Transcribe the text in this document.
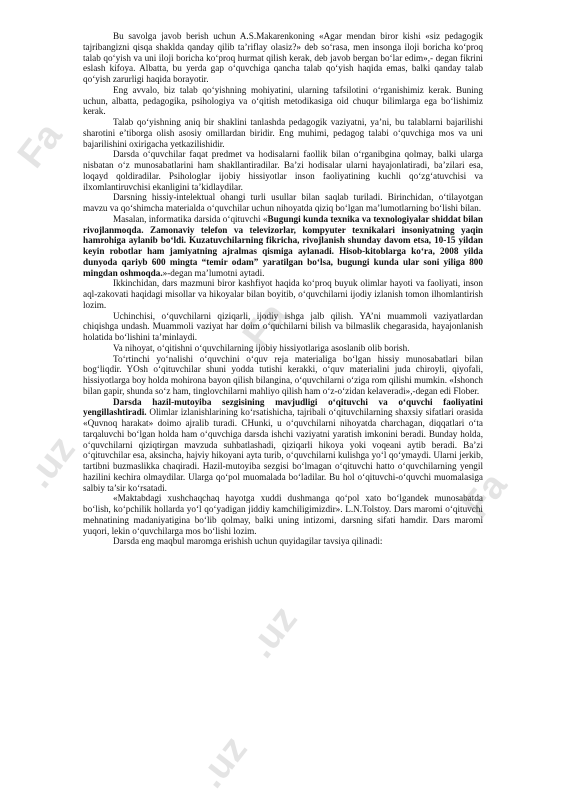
Fa
.uz
Fa
.uz
Fa
.uz

Bu savolga javob berish uchun A.S.Makarenkoning «Agar mendan biror kishi «siz pedagogik tajribangizni qisqa shaklda qanday qilib ta’riflay olasiz?» deb so‘rasa, men insonga iloji boricha ko‘proq talab qo‘yish va uni iloji boricha ko‘proq hurmat qilish kerak, deb javob bergan bo‘lar edim»,- degan fikrini eslash kifoya. Albatta, bu yerda gap o‘quvchiga qancha talab qo‘yish haqida emas, balki qanday talab qo‘yish zarurligi haqida borayotir.

Eng avvalo, biz talab qo‘yishning mohiyatini, ularning tafsilotini o‘rganishimiz kerak. Buning uchun, albatta, pedagogika, psihologiya va o‘qitish metodikasiga oid chuqur bilimlarga ega bo‘lishimiz kerak.

Talab qo‘yishning aniq bir shaklini tanlashda pedagogik vaziyatni, ya’ni, bu talablarni bajarilishi sharotini e’tiborga olish asosiy omillardan biridir. Eng muhimi, pedagog talabi o‘quvchiga mos va uni bajarilishini oxirigacha yetkazilishidir.

Darsda o‘quvchilar faqat predmet va hodisalarni faollik bilan o‘rganibgina qolmay, balki ularga nisbatan o‘z munosabatlarini ham shakllantiradilar. Ba’zi hodisalar ularni hayajonlatiradi, ba’zilari esa, loqayd qoldiradilar. Psihologlar ijobiy hissiyotlar inson faoliyatining kuchli qo‘zg‘atuvchisi va ilxomlantiruvchisi ekanligini ta’kidlaydilar.

Darsning hissiy-intelektual ohangi turli usullar bilan saqlab turiladi. Birinchidan, o‘tilayotgan mavzu va qo‘shimcha materialda o‘quvchilar uchun nihoyatda qiziq bo‘lgan ma’lumotlarning bo‘lishi bilan.

Masalan, informatika darsida o‘qituvchi «Bugungi kunda texnika va texnologiyalar shiddat bilan rivojlanmoqda. Zamonaviy telefon va televizorlar, kompyuter texnikalari insoniyatning yaqin hamrohiga aylanib bo‘ldi. Kuzatuvchilarning fikricha, rivojlanish shunday davom etsa, 10-15 yildan keyin robotlar ham jamiyatning ajralmas qismiga aylanadi. Hisob-kitoblarga ko‘ra, 2008 yilda dunyoda qariyb 600 mingta “temir odam” yaratilgan bo‘lsa, bugungi kunda ular soni yiliga 800 mingdan oshmoqda.»-degan ma’lumotni aytadi.

Ikkinchidan, dars mazmuni biror kashfiyot haqida ko‘proq buyuk olimlar hayoti va faoliyati, inson aql-zakovati haqidagi misollar va hikoyalar bilan boyitib, o‘quvchilarni ijodiy izlanish tomon ilhomlantirish lozim.

Uchinchisi, o‘quvchilarni qiziqarli, ijodiy ishga jalb qilish. YA’ni muammoli vaziyatlardan chiqishga undash. Muammoli vaziyat har doim o‘quchilarni bilish va bilmaslik chegarasida, hayajonlanish holatida bo‘lishini ta’minlaydi.

Va nihoyat, o‘qitishni o‘quvchilarning ijobiy hissiyotlariga asoslanib olib borish.

To‘rtinchi yo‘nalishi o‘quvchini o‘quv reja materialiga bo‘lgan hissiy munosabatlari bilan bog‘liqdir. YOsh o‘qituvchilar shuni yodda tutishi kerakki, o‘quv materialini juda chiroyli, qiyofali, hissiyotlarga boy holda mohirona bayon qilish bilangina, o‘quvchilarni o‘ziga rom qilishi mumkin. «Ishonch bilan gapir, shunda so‘z ham, tinglovchilarni mahliyo qilish ham o‘z-o‘zidan kelaveradi»,-degan edi Flober.

Darsda hazil-mutoyiba sezgisining mavjudligi o‘qituvchi va o‘quvchi faoliyatini yengillashtiradi. Olimlar izlanishlarining ko‘rsatishicha, tajribali o‘qituvchilarning shaxsiy sifatlari orasida «Quvnoq harakat» doimo ajralib turadi. CHunki, u o‘quvchilarni nihoyatda charchagan, diqqatlari o‘ta tarqaluvchi bo‘lgan holda ham o‘quvchiga darsda ishchi vaziyatni yaratish imkonini beradi. Bunday holda, o‘quvchilarni qiziqtirgan mavzuda suhbatlashadi, qiziqarli hikoya yoki voqeani aytib beradi. Ba’zi o‘qituvchilar esa, aksincha, hajviy hikoyani ayta turib, o‘quvchilarni kulishga yo‘l qo‘ymaydi. Ularni jerkib, tartibni buzmaslikka chaqiradi. Hazil-mutoyiba sezgisi bo‘lmagan o‘qituvchi hatto o‘quvchilarning yengil hazilini kechira olmaydilar. Ularga qo‘pol muomalada bo‘ladilar. Bu hol o‘qituvchi-o‘quvchi muomalasiga salbiy ta’sir ko‘rsatadi.

«Maktabdagi xushchaqchaq hayotga xuddi dushmanga qo‘pol xato bo‘lgandek munosabatda bo‘lish, ko‘pchilik hollarda yo‘l qo‘yadigan jiddiy kamchiligimizdir». L.N.Tolstoy. Dars maromi o‘qituvchi mehnatining madaniyatigina bo‘lib qolmay, balki uning intizomi, darsning sifati hamdir. Dars maromi yuqori, lekin o‘quvchilarga mos bo‘lishi lozim.

Darsda eng maqbul maromga erishish uchun quyidagilar tavsiya qilinadi:
